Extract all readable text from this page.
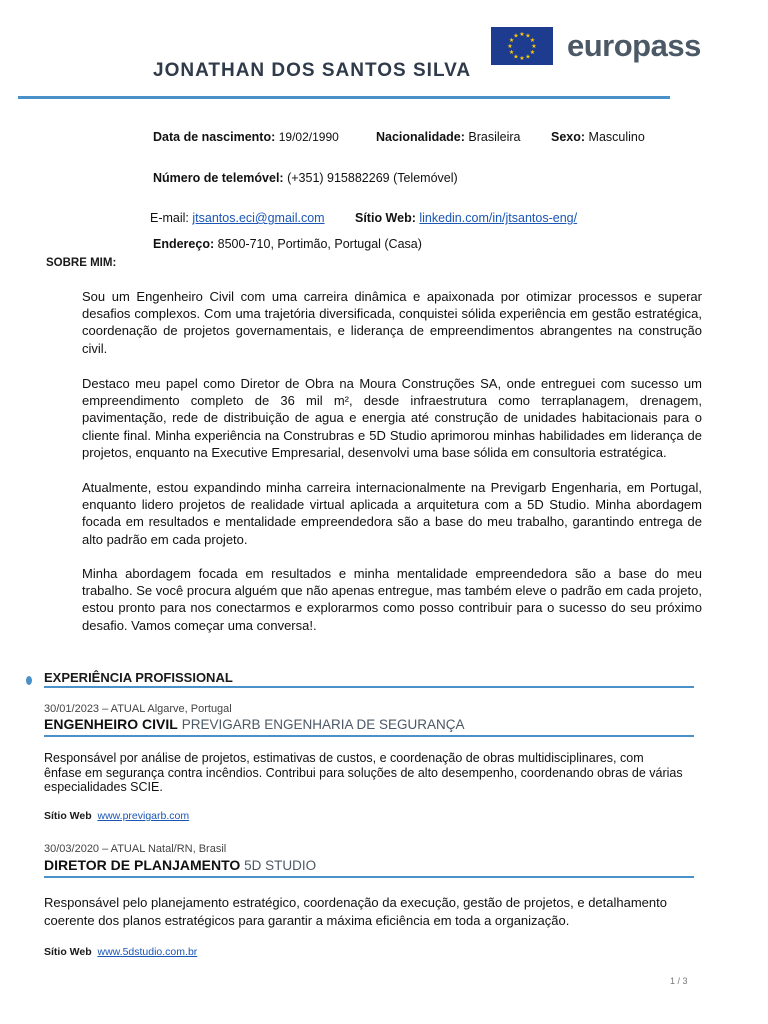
JONATHAN DOS SANTOS SILVA
★ ★
★
★
★
★
★
★
★
★
★
★ europass
Data de nascimento: 19/02/1990	Nacionalidade: Brasileira Sexo: Masculino
Número de telemóvel: (+351) 915882269 (Telemóvel)
E-mail: jtsantos.eci@gmail.com Sítio Web: linkedin.com/in/jtsantos-eng/
Endereço: 8500-710, Portimão, Portugal (Casa)
SOBRE MIM:
Sou um Engenheiro Civil com uma carreira dinâmica e apaixonada por otimizar processos e superar desafios complexos. Com uma trajetória diversificada, conquistei sólida experiência em gestão estratégica, coordenação de projetos governamentais, e liderança de empreendimentos abrangentes na construção civil.
Destaco meu papel como Diretor de Obra na Moura Construções SA, onde entreguei com sucesso um empreendimento completo de 36 mil m², desde infraestrutura como terraplanagem, drenagem, pavimentação, rede de distribuição de agua e energia até construção de unidades habitacionais para o cliente final. Minha experiência na Construbras e 5D Studio aprimorou minhas habilidades em liderança de projetos, enquanto na Executive Empresarial, desenvolvi uma base sólida em consultoria estratégica.
Atualmente, estou expandindo minha carreira internacionalmente na Previgarb Engenharia, em Portugal, enquanto lidero projetos de realidade virtual aplicada a arquitetura com a 5D Studio. Minha abordagem focada em resultados e mentalidade empreendedora são a base do meu trabalho, garantindo entrega de alto padrão em cada projeto.
Minha abordagem focada em resultados e minha mentalidade empreendedora são a base do meu trabalho. Se você procura alguém que não apenas entregue, mas também eleve o padrão em cada projeto, estou pronto para nos conectarmos e explorarmos como posso contribuir para o sucesso do seu próximo desafio. Vamos começar uma conversa!.
EXPERIÊNCIA PROFISSIONAL
30/01/2023 – ATUAL Algarve, Portugal
ENGENHEIRO CIVIL PREVIGARB ENGENHARIA DE SEGURANÇA
Responsável por análise de projetos, estimativas de custos, e coordenação de obras multidisciplinares, com ênfase em segurança contra incêndios. Contribui para soluções de alto desempenho, coordenando obras de várias especialidades SCIE.
Sítio Web www.previgarb.com
30/03/2020 – ATUAL Natal/RN, Brasil
DIRETOR DE PLANJAMENTO 5D STUDIO
Responsável pelo planejamento estratégico, coordenação da execução, gestão de projetos, e detalhamento coerente dos planos estratégicos para garantir a máxima eficiência em toda a organização.
Sítio Web www.5dstudio.com.br
1 / 3
